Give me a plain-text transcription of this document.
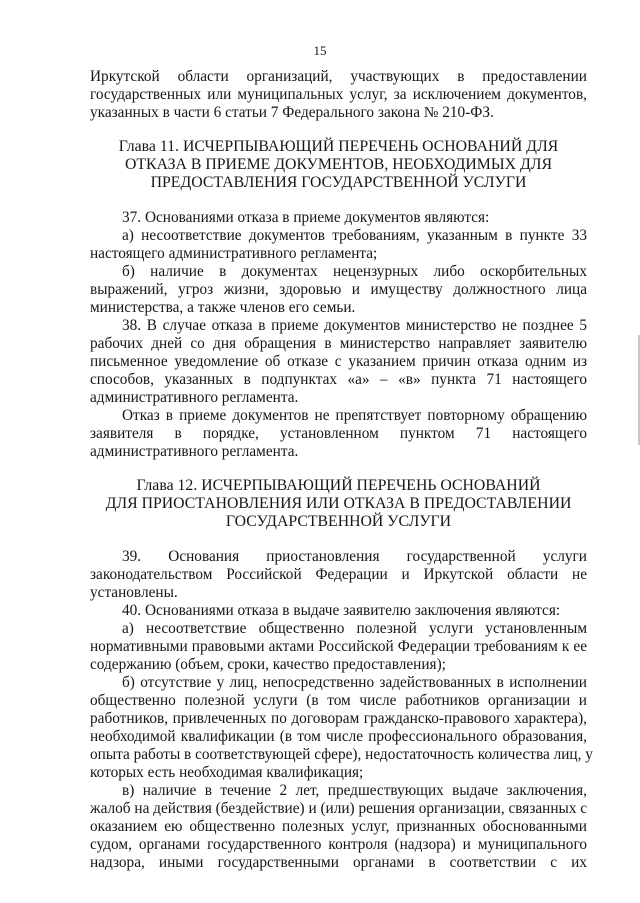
15
Иркутской области организаций, участвующих в предоставлении
государственных или муниципальных услуг, за исключением документов,
указанных в части 6 статьи 7 Федерального закона № 210-ФЗ.
Глава 11. ИСЧЕРПЫВАЮЩИЙ ПЕРЕЧЕНЬ ОСНОВАНИЙ ДЛЯ
ОТКАЗА В ПРИЕМЕ ДОКУМЕНТОВ, НЕОБХОДИМЫХ ДЛЯ
ПРЕДОСТАВЛЕНИЯ ГОСУДАРСТВЕННОЙ УСЛУГИ
37. Основаниями отказа в приеме документов являются:
а) несоответствие документов требованиям, указанным в пункте 33
настоящего административного регламента;
б) наличие в документах нецензурных либо оскорбительных
выражений, угроз жизни, здоровью и имуществу должностного лица
министерства, а также членов его семьи.
38. В случае отказа в приеме документов министерство не позднее 5
рабочих дней со дня обращения в министерство направляет заявителю
письменное уведомление об отказе с указанием причин отказа одним из
способов, указанных в подпунктах «а» – «в» пункта 71 настоящего
административного регламента.
Отказ в приеме документов не препятствует повторному обращению
заявителя в порядке, установленном пунктом 71 настоящего
административного регламента.
Глава 12. ИСЧЕРПЫВАЮЩИЙ ПЕРЕЧЕНЬ ОСНОВАНИЙ
ДЛЯ ПРИОСТАНОВЛЕНИЯ ИЛИ ОТКАЗА В ПРЕДОСТАВЛЕНИИ
ГОСУДАРСТВЕННОЙ УСЛУГИ
39. Основания приостановления государственной услуги
законодательством Российской Федерации и Иркутской области не
установлены.
40. Основаниями отказа в выдаче заявителю заключения являются:
а) несоответствие общественно полезной услуги установленным
нормативными правовыми актами Российской Федерации требованиям к ее
содержанию (объем, сроки, качество предоставления);
б) отсутствие у лиц, непосредственно задействованных в исполнении
общественно полезной услуги (в том числе работников организации и
работников, привлеченных по договорам гражданско-правового характера),
необходимой квалификации (в том числе профессионального образования,
опыта работы в соответствующей сфере), недостаточность количества лиц, у
которых есть необходимая квалификация;
в) наличие в течение 2 лет, предшествующих выдаче заключения,
жалоб на действия (бездействие) и (или) решения организации, связанных с
оказанием ею общественно полезных услуг, признанных обоснованными
судом, органами государственного контроля (надзора) и муниципального
надзора, иными государственными органами в соответствии с их
